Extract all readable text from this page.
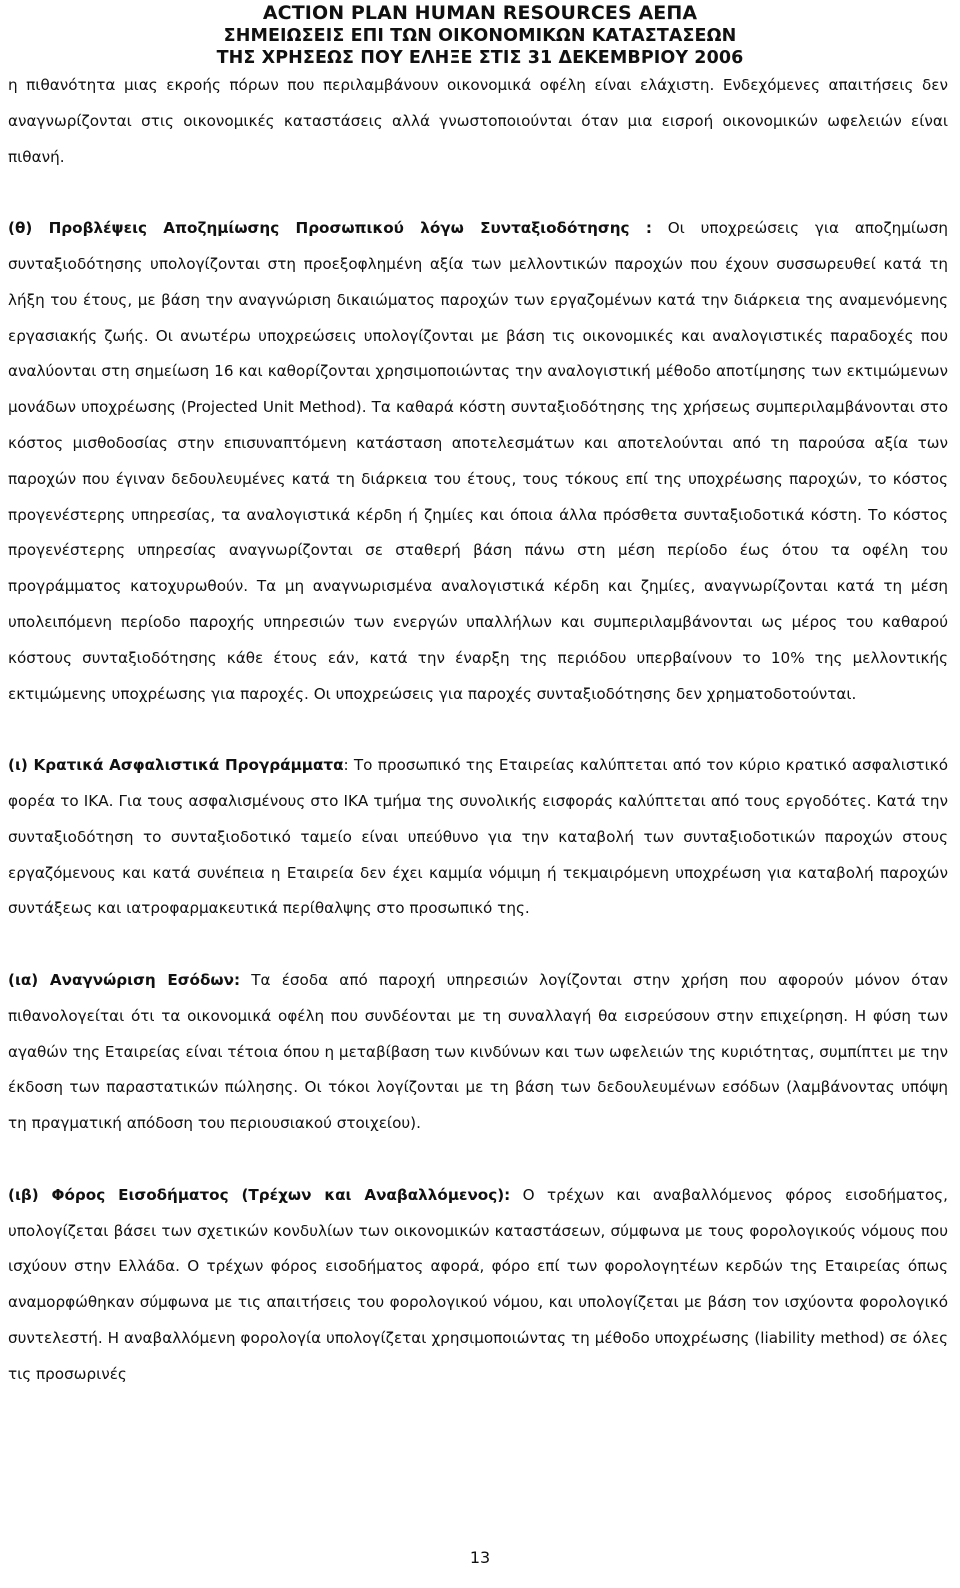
ACTION PLAN HUMAN RESOURCES ΑΕΠΑ
ΣΗΜΕΙΩΣΕΙΣ ΕΠΙ ΤΩΝ ΟΙΚΟΝΟΜΙΚΩΝ ΚΑΤΑΣΤΑΣΕΩΝ
ΤΗΣ ΧΡΗΣΕΩΣ ΠΟΥ ΕΛΗΞΕ ΣΤΙΣ 31 ΔΕΚΕΜΒΡΙΟΥ 2006

η πιθανότητα μιας εκροής πόρων που περιλαμβάνουν οικονομικά οφέλη είναι ελάχιστη. Ενδεχόμενες απαιτήσεις δεν αναγνωρίζονται στις οικονομικές καταστάσεις αλλά γνωστοποιούνται όταν μια εισροή οικονομικών ωφελειών είναι πιθανή.

(θ) Προβλέψεις Αποζημίωσης Προσωπικού λόγω Συνταξιοδότησης : Οι υποχρεώσεις για αποζημίωση συνταξιοδότησης υπολογίζονται στη προεξοφλημένη αξία των μελλοντικών παροχών που έχουν συσσωρευθεί κατά τη λήξη του έτους, με βάση την αναγνώριση δικαιώματος παροχών των εργαζομένων κατά την διάρκεια της αναμενόμενης εργασιακής ζωής. Οι ανωτέρω υποχρεώσεις υπολογίζονται με βάση τις οικονομικές και αναλογιστικές παραδοχές που αναλύονται στη σημείωση 16 και καθορίζονται χρησιμοποιώντας την αναλογιστική μέθοδο αποτίμησης των εκτιμώμενων μονάδων υποχρέωσης (Projected Unit Method). Τα καθαρά κόστη συνταξιοδότησης της χρήσεως συμπεριλαμβάνονται στο κόστος μισθοδοσίας στην επισυναπτόμενη κατάσταση αποτελεσμάτων και αποτελούνται από τη παρούσα αξία των παροχών που έγιναν δεδουλευμένες κατά τη διάρκεια του έτους, τους τόκους επί της υποχρέωσης παροχών, το κόστος προγενέστερης υπηρεσίας, τα αναλογιστικά κέρδη ή ζημίες και όποια άλλα πρόσθετα συνταξιοδοτικά κόστη. Το κόστος προγενέστερης υπηρεσίας αναγνωρίζονται σε σταθερή βάση πάνω στη μέση περίοδο έως ότου τα οφέλη του προγράμματος κατοχυρωθούν. Τα μη αναγνωρισμένα αναλογιστικά κέρδη και ζημίες, αναγνωρίζονται κατά τη μέση υπολειπόμενη περίοδο παροχής υπηρεσιών των ενεργών υπαλλήλων και συμπεριλαμβάνονται ως μέρος του καθαρού κόστους συνταξιοδότησης κάθε έτους εάν, κατά την έναρξη της περιόδου υπερβαίνουν το 10% της μελλοντικής εκτιμώμενης υποχρέωσης για παροχές. Οι υποχρεώσεις για παροχές συνταξιοδότησης δεν χρηματοδοτούνται.

(ι) Κρατικά Ασφαλιστικά Προγράμματα: Το προσωπικό της Εταιρείας καλύπτεται από τον κύριο κρατικό ασφαλιστικό φορέα το ΙΚΑ. Για τους ασφαλισμένους στο ΙΚΑ τμήμα της συνολικής εισφοράς καλύπτεται από τους εργοδότες. Κατά την συνταξιοδότηση το συνταξιοδοτικό ταμείο είναι υπεύθυνο για την καταβολή των συνταξιοδοτικών παροχών στους εργαζόμενους και κατά συνέπεια η Εταιρεία δεν έχει καμμία νόμιμη ή τεκμαιρόμενη υποχρέωση για καταβολή παροχών συντάξεως και ιατροφαρμακευτικά περίθαλψης στο προσωπικό της.

(ια) Αναγνώριση Εσόδων: Τα έσοδα από παροχή υπηρεσιών λογίζονται στην χρήση που αφορούν μόνον όταν πιθανολογείται ότι τα οικονομικά οφέλη που συνδέονται με τη συναλλαγή θα εισρεύσουν στην επιχείρηση. Η φύση των αγαθών της Εταιρείας είναι τέτοια όπου η μεταβίβαση των κινδύνων και των ωφελειών της κυριότητας, συμπίπτει με την έκδοση των παραστατικών πώλησης. Οι τόκοι λογίζονται με τη βάση των δεδουλευμένων εσόδων (λαμβάνοντας υπόψη τη πραγματική απόδοση του περιουσιακού στοιχείου).

(ιβ) Φόρος Εισοδήματος (Τρέχων και Αναβαλλόμενος): Ο τρέχων και αναβαλλόμενος φόρος εισοδήματος, υπολογίζεται βάσει των σχετικών κονδυλίων των οικονομικών καταστάσεων, σύμφωνα με τους φορολογικούς νόμους που ισχύουν στην Ελλάδα. Ο τρέχων φόρος εισοδήματος αφορά, φόρο επί των φορολογητέων κερδών της Εταιρείας όπως αναμορφώθηκαν σύμφωνα με τις απαιτήσεις του φορολογικού νόμου, και υπολογίζεται με βάση τον ισχύοντα φορολογικό συντελεστή. Η αναβαλλόμενη φορολογία υπολογίζεται χρησιμοποιώντας τη μέθοδο υποχρέωσης (liability method) σε όλες τις προσωρινές

13
